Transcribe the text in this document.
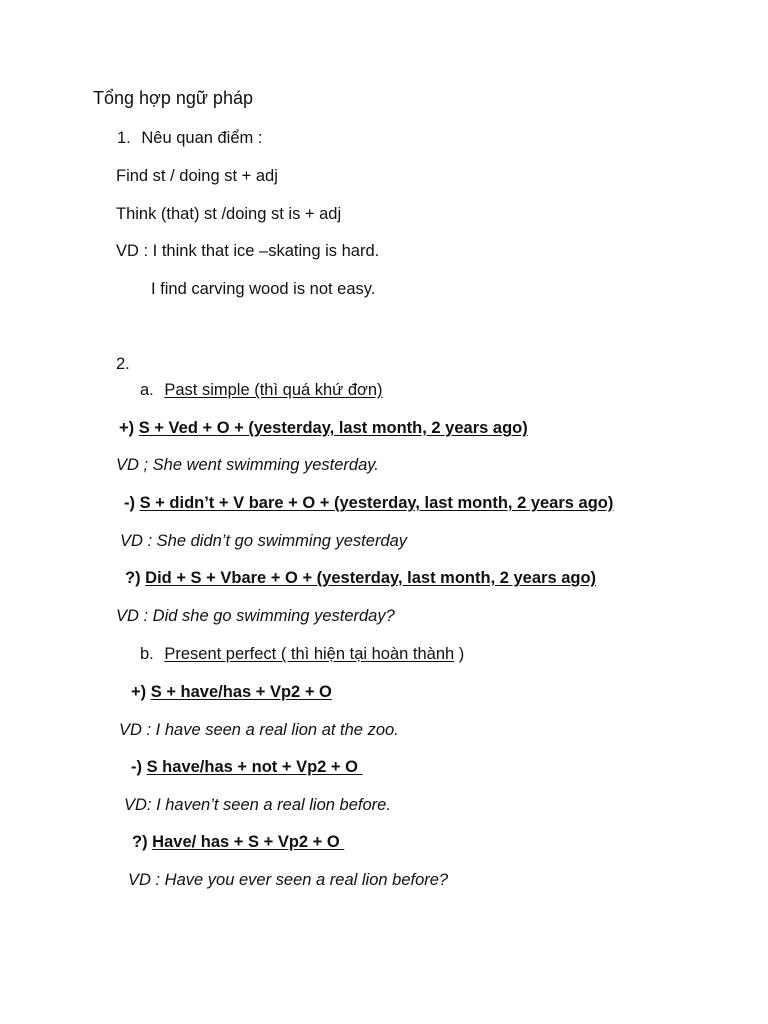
Tổng hợp ngữ pháp
1. Nêu quan điểm :
Find st / doing st + adj
Think (that) st /doing st is + adj
VD : I think that ice –skating is hard.
I find carving wood is not easy.
2.
a. Past simple (thì quá khứ đơn)
+) S + Ved + O + (yesterday, last month, 2 years ago)
VD ; She went swimming yesterday.
-) S + didn’t + V bare + O + (yesterday, last month, 2 years ago)
VD : She didn’t go swimming yesterday
?) Did + S + Vbare + O + (yesterday, last month, 2 years ago)
VD : Did she go swimming yesterday?
b. Present perfect ( thì hiện tại hoàn thành )
+) S + have/has + Vp2 + O
VD : I have seen a real lion at the zoo.
-) S have/has + not + Vp2 + O
VD: I haven’t seen a real lion before.
?) Have/ has + S + Vp2 + O
VD : Have you ever seen a real lion before?
